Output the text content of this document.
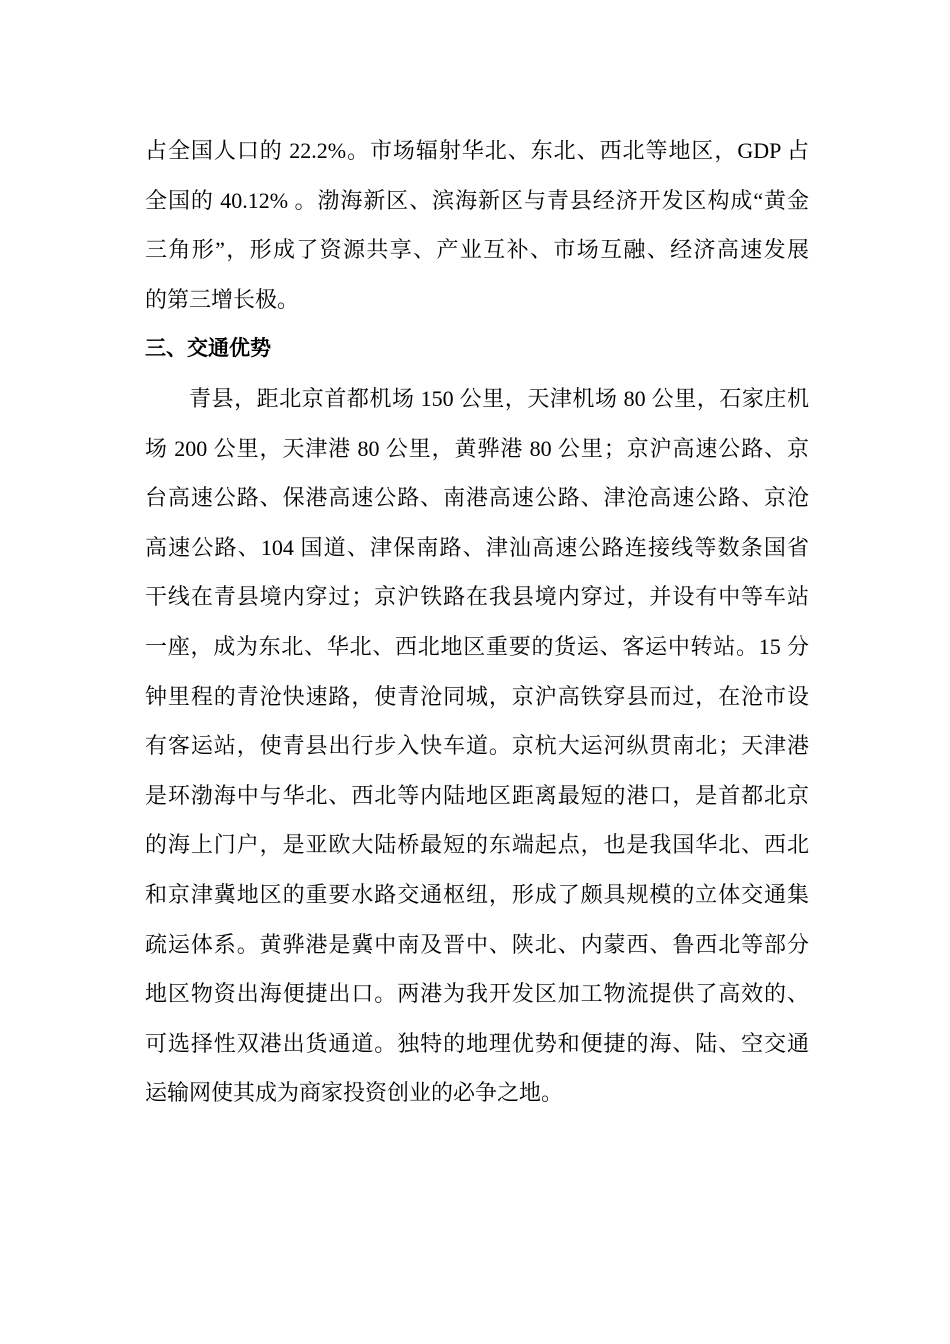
占全国人口的 22.2%。市场辐射华北、东北、西北等地区，GDP 占
全国的 40.12% 。渤海新区、滨海新区与青县经济开发区构成“黄金
三角形”，形成了资源共享、产业互补、市场互融、经济高速发展
的第三增长极。
三、交通优势
青县，距北京首都机场 150 公里，天津机场 80 公里，石家庄机
场 200 公里，天津港 80 公里，黄骅港 80 公里；京沪高速公路、京
台高速公路、保港高速公路、南港高速公路、津沧高速公路、京沧
高速公路、104 国道、津保南路、津汕高速公路连接线等数条国省
干线在青县境内穿过；京沪铁路在我县境内穿过，并设有中等车站
一座，成为东北、华北、西北地区重要的货运、客运中转站。15 分
钟里程的青沧快速路，使青沧同城，京沪高铁穿县而过，在沧市设
有客运站，使青县出行步入快车道。京杭大运河纵贯南北；天津港
是环渤海中与华北、西北等内陆地区距离最短的港口，是首都北京
的海上门户，是亚欧大陆桥最短的东端起点，也是我国华北、西北
和京津冀地区的重要水路交通枢纽，形成了颇具规模的立体交通集
疏运体系。黄骅港是冀中南及晋中、陕北、内蒙西、鲁西北等部分
地区物资出海便捷出口。两港为我开发区加工物流提供了高效的、
可选择性双港出货通道。独特的地理优势和便捷的海、陆、空交通
运输网使其成为商家投资创业的必争之地。
